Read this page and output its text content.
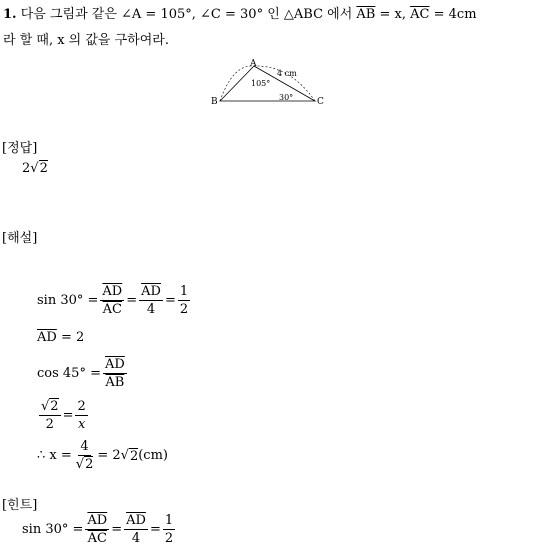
1. 다음 그림과 같은 ∠A = 105°, ∠C = 30° 인 △ABC 에서 $\overline{AB} = x$, $\overline{AC} = 4cm$
라 할 때, x 의 값을 구하여라.
A
B	C
105°
30°
4 cm
[정답]
2√2
[해설]
$\sin 30^\circ = \frac{\overline{AD}}{AC} = \frac{\overline{AD}}{4} = \frac{1}{2}$
$\overline{AD} = 2$
$\cos 45^\circ = \frac{\overline{AD}}{AB}$
$\frac{√2}{2} = \frac{2}{x}$
∴ $x = \frac{4}{√2} = 2$ √ 2 (cm)
[힌트]
$\sin 30^\circ = \frac{\overline{AD}}{AC} = \frac{\overline{AD}}{4} = \frac{1}{2}$
